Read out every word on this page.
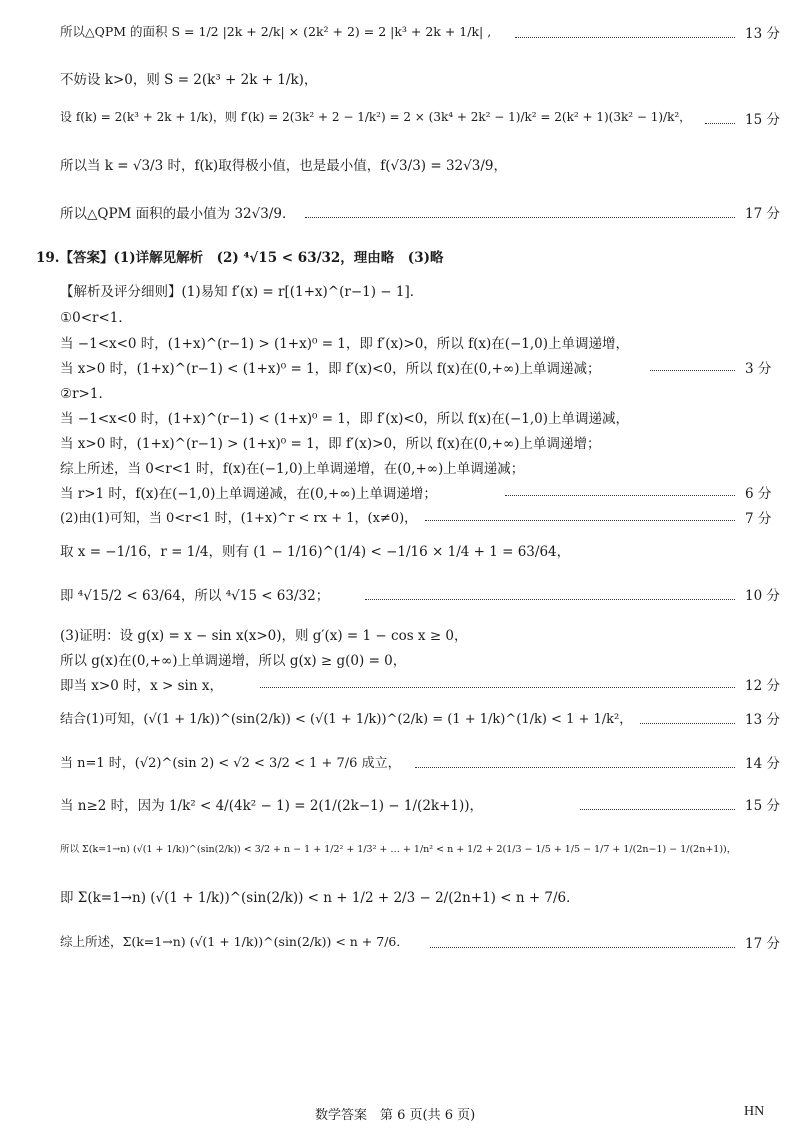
所以△QPM 的面积 S = 1/2 |2k + 2/k| × (2k² + 2) = 2 |k³ + 2k + 1/k| ,	13 分
不妨设 k>0，则 S = 2(k³ + 2k + 1/k)，
设 f(k) = 2(k³ + 2k + 1/k)，则 f′(k) = 2(3k² + 2 − 1/k²) = 2 × (3k⁴ + 2k² − 1)/k² = 2(k² + 1)(3k² − 1)/k²，	15 分
所以当 k = √3/3 时，f(k)取得极小值，也是最小值，f(√3/3) = 32√3/9，
所以△QPM 面积的最小值为 32√3/9．	17 分
19.【答案】(1)详解见解析　(2) ⁴√15 < 63/32，理由略　(3)略
【解析及评分细则】(1)易知 f′(x) = r[(1+x)^(r−1) − 1]．
①0<r<1．
当 −1<x<0 时，(1+x)^(r−1) > (1+x)⁰ = 1，即 f′(x)>0，所以 f(x)在(−1,0)上单调递增，
当 x>0 时，(1+x)^(r−1) < (1+x)⁰ = 1，即 f′(x)<0，所以 f(x)在(0,+∞)上单调递减；	3 分
②r>1．
当 −1<x<0 时，(1+x)^(r−1) < (1+x)⁰ = 1，即 f′(x)<0，所以 f(x)在(−1,0)上单调递减，
当 x>0 时，(1+x)^(r−1) > (1+x)⁰ = 1，即 f′(x)>0，所以 f(x)在(0,+∞)上单调递增；
综上所述，当 0<r<1 时，f(x)在(−1,0)上单调递增，在(0,+∞)上单调递减；
当 r>1 时，f(x)在(−1,0)上单调递减，在(0,+∞)上单调递增；	6 分
(2)由(1)可知，当 0<r<1 时，(1+x)^r < rx + 1，(x≠0)，	7 分
取 x = −1/16，r = 1/4，则有 (1 − 1/16)^(1/4) < −1/16 × 1/4 + 1 = 63/64，
即 ⁴√15/2 < 63/64，所以 ⁴√15 < 63/32；	10 分
(3)证明：设 g(x) = x − sin x(x>0)，则 g′(x) = 1 − cos x ≥ 0，
所以 g(x)在(0,+∞)上单调递增，所以 g(x) ≥ g(0) = 0，
即当 x>0 时，x > sin x，	12 分
结合(1)可知，(√(1 + 1/k))^(sin(2/k)) < (√(1 + 1/k))^(2/k) = (1 + 1/k)^(1/k) < 1 + 1/k²，	13 分
当 n=1 时，(√2)^(sin 2) < √2 < 3/2 < 1 + 7/6 成立，	14 分
当 n≥2 时，因为 1/k² < 4/(4k² − 1) = 2(1/(2k−1) − 1/(2k+1))，	15 分
所以 Σ(k=1→n) (√(1 + 1/k))^(sin(2/k)) < 3/2 + n − 1 + 1/2² + 1/3² + … + 1/n² < n + 1/2 + 2(1/3 − 1/5 + 1/5 − 1/7 + 1/(2n−1) − 1/(2n+1))，
即 Σ(k=1→n) (√(1 + 1/k))^(sin(2/k)) < n + 1/2 + 2/3 − 2/(2n+1) < n + 7/6．
综上所述，Σ(k=1→n) (√(1 + 1/k))^(sin(2/k)) < n + 7/6．	17 分
数学答案　第 6 页(共 6 页)	HN
